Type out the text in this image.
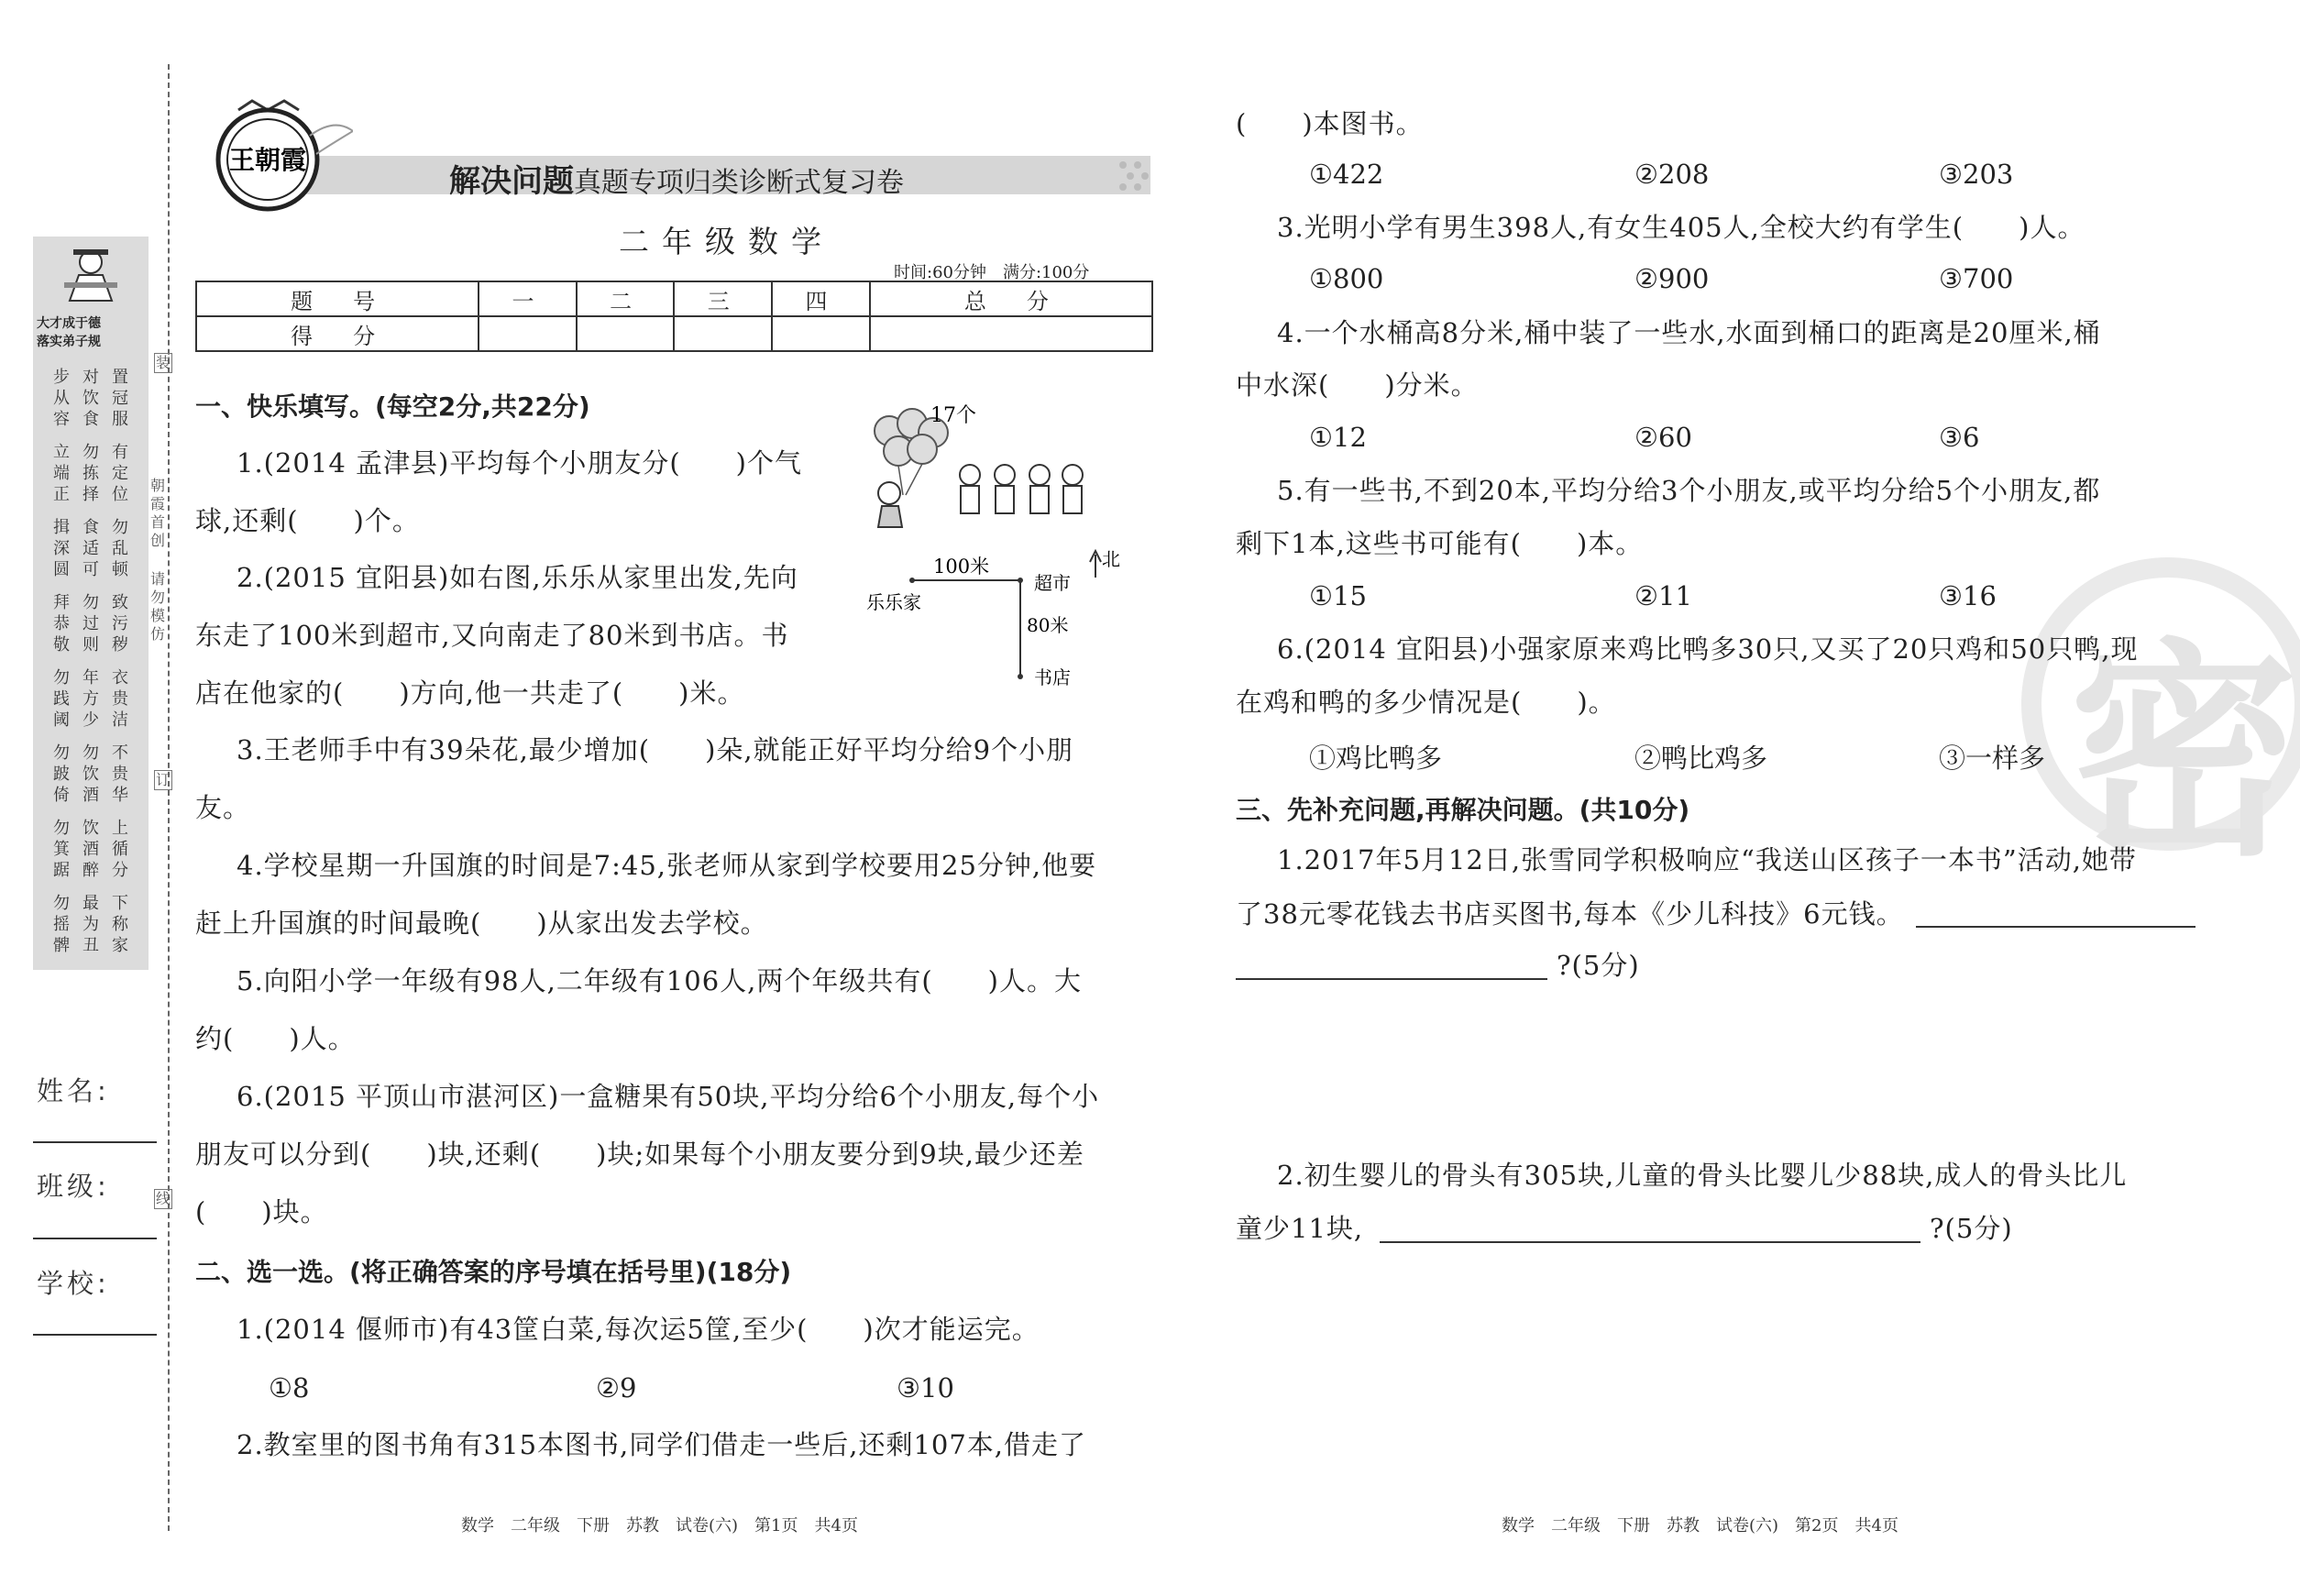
大才成于德
落实弟子规
步从容
对饮食
置冠服
立端正
勿拣择
有定位
揖深圆
食适可
勿乱顿
拜恭敬
勿过则
致污秽
勿践阈
年方少
衣贵洁
勿跛倚
勿饮酒
不贵华
勿箕踞
饮酒醉
上循分
勿摇髀
最为丑
下称家
装
朝霞首创
请勿模仿
订
线
姓名:
班级:
学校:
王朝霞
解决问题真题专项归类诊断式复习卷
二年级数学
时间:60分钟　满分:100分
题　号	一	二	三	四	总　分
得　分					
一、快乐填写。(每空2分,共22分)
1.(2014 孟津县)平均每个小朋友分(　　)个气
球,还剩(　　)个。
17个
2.(2015 宜阳县)如右图,乐乐从家里出发,先向
东走了100米到超市,又向南走了80米到书店。书
店在他家的(　　)方向,他一共走了(　　)米。
100米	北
乐乐家
超市
80米
书店
3.王老师手中有39朵花,最少增加(　　)朵,就能正好平均分给9个小朋
友。
4.学校星期一升国旗的时间是7:45,张老师从家到学校要用25分钟,他要
赶上升国旗的时间最晚(　　)从家出发去学校。
5.向阳小学一年级有98人,二年级有106人,两个年级共有(　　)人。大
约(　　)人。
6.(2015 平顶山市湛河区)一盒糖果有50块,平均分给6个小朋友,每个小
朋友可以分到(　　)块,还剩(　　)块;如果每个小朋友要分到9块,最少还差
(　　)块。
二、选一选。(将正确答案的序号填在括号里)(18分)
1.(2014 偃师市)有43筐白菜,每次运5筐,至少(　　)次才能运完。
①8	②9	③10
2.教室里的图书角有315本图书,同学们借走一些后,还剩107本,借走了
数学　二年级　下册　苏教　试卷(六)　第1页　共4页
密
(　　)本图书。
①422	②208	③203
3.光明小学有男生398人,有女生405人,全校大约有学生(　　)人。
①800	②900	③700
4.一个水桶高8分米,桶中装了一些水,水面到桶口的距离是20厘米,桶
中水深(　　)分米。
①12	②60	③6
5.有一些书,不到20本,平均分给3个小朋友,或平均分给5个小朋友,都
剩下1本,这些书可能有(　　)本。
①15	②11	③16
6.(2014 宜阳县)小强家原来鸡比鸭多30只,又买了20只鸡和50只鸭,现
在鸡和鸭的多少情况是(　　)。
①鸡比鸭多	②鸭比鸡多	③一样多
三、先补充问题,再解决问题。(共10分)
1.2017年5月12日,张雪同学积极响应“我送山区孩子一本书”活动,她带
了38元零花钱去书店买图书,每本《少儿科技》6元钱。
?(5分)
2.初生婴儿的骨头有305块,儿童的骨头比婴儿少88块,成人的骨头比儿
童少11块,	?(5分)
数学　二年级　下册　苏教　试卷(六)　第2页　共4页
